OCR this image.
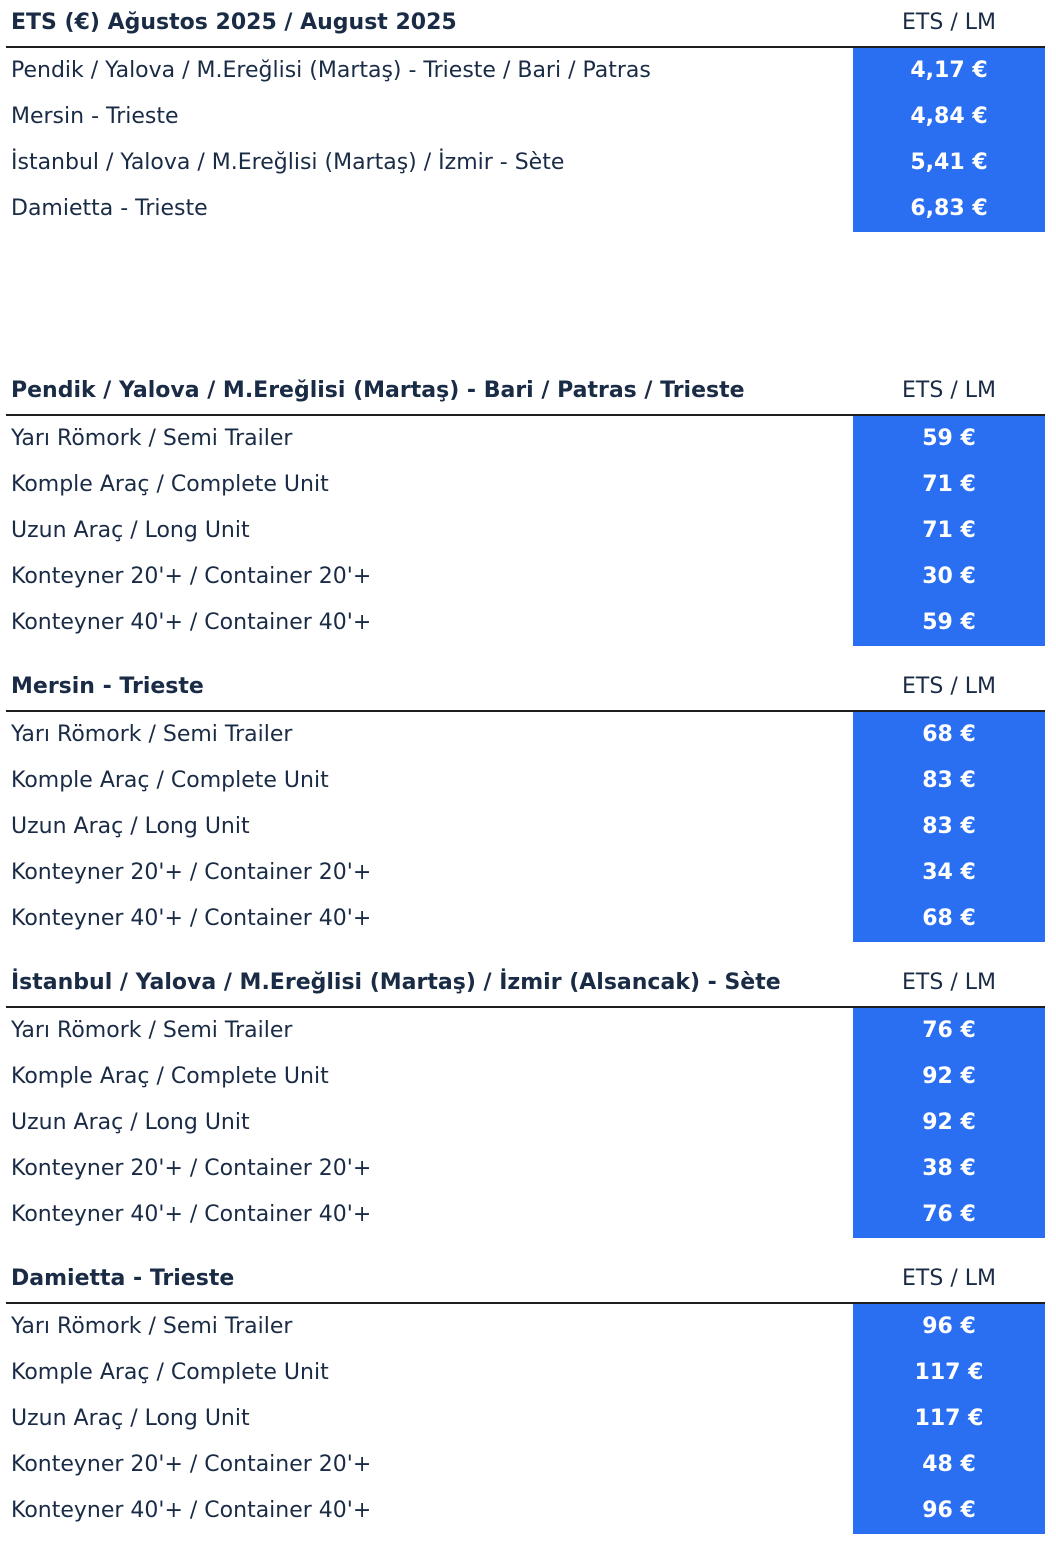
ETS (€) Ağustos 2025 / August 2025	ETS / LM
Pendik / Yalova / M.Ereğlisi (Martaş) - Trieste / Bari / Patras	4,17 €
Mersin - Trieste	4,84 €
İstanbul / Yalova / M.Ereğlisi (Martaş) / İzmir - Sète	5,41 €
Damietta - Trieste	6,83 €
Pendik / Yalova / M.Ereğlisi (Martaş) - Bari / Patras / Trieste	ETS / LM
Yarı Römork / Semi Trailer	59 €
Komple Araç / Complete Unit	71 €
Uzun Araç / Long Unit	71 €
Konteyner 20'+ / Container 20'+	30 €
Konteyner 40'+ / Container 40'+	59 €
Mersin - Trieste	ETS / LM
Yarı Römork / Semi Trailer	68 €
Komple Araç / Complete Unit	83 €
Uzun Araç / Long Unit	83 €
Konteyner 20'+ / Container 20'+	34 €
Konteyner 40'+ / Container 40'+	68 €
İstanbul / Yalova / M.Ereğlisi (Martaş) / İzmir (Alsancak) - Sète	ETS / LM
Yarı Römork / Semi Trailer	76 €
Komple Araç / Complete Unit	92 €
Uzun Araç / Long Unit	92 €
Konteyner 20'+ / Container 20'+	38 €
Konteyner 40'+ / Container 40'+	76 €
Damietta - Trieste	ETS / LM
Yarı Römork / Semi Trailer	96 €
Komple Araç / Complete Unit	117 €
Uzun Araç / Long Unit	117 €
Konteyner 20'+ / Container 20'+	48 €
Konteyner 40'+ / Container 40'+	96 €
